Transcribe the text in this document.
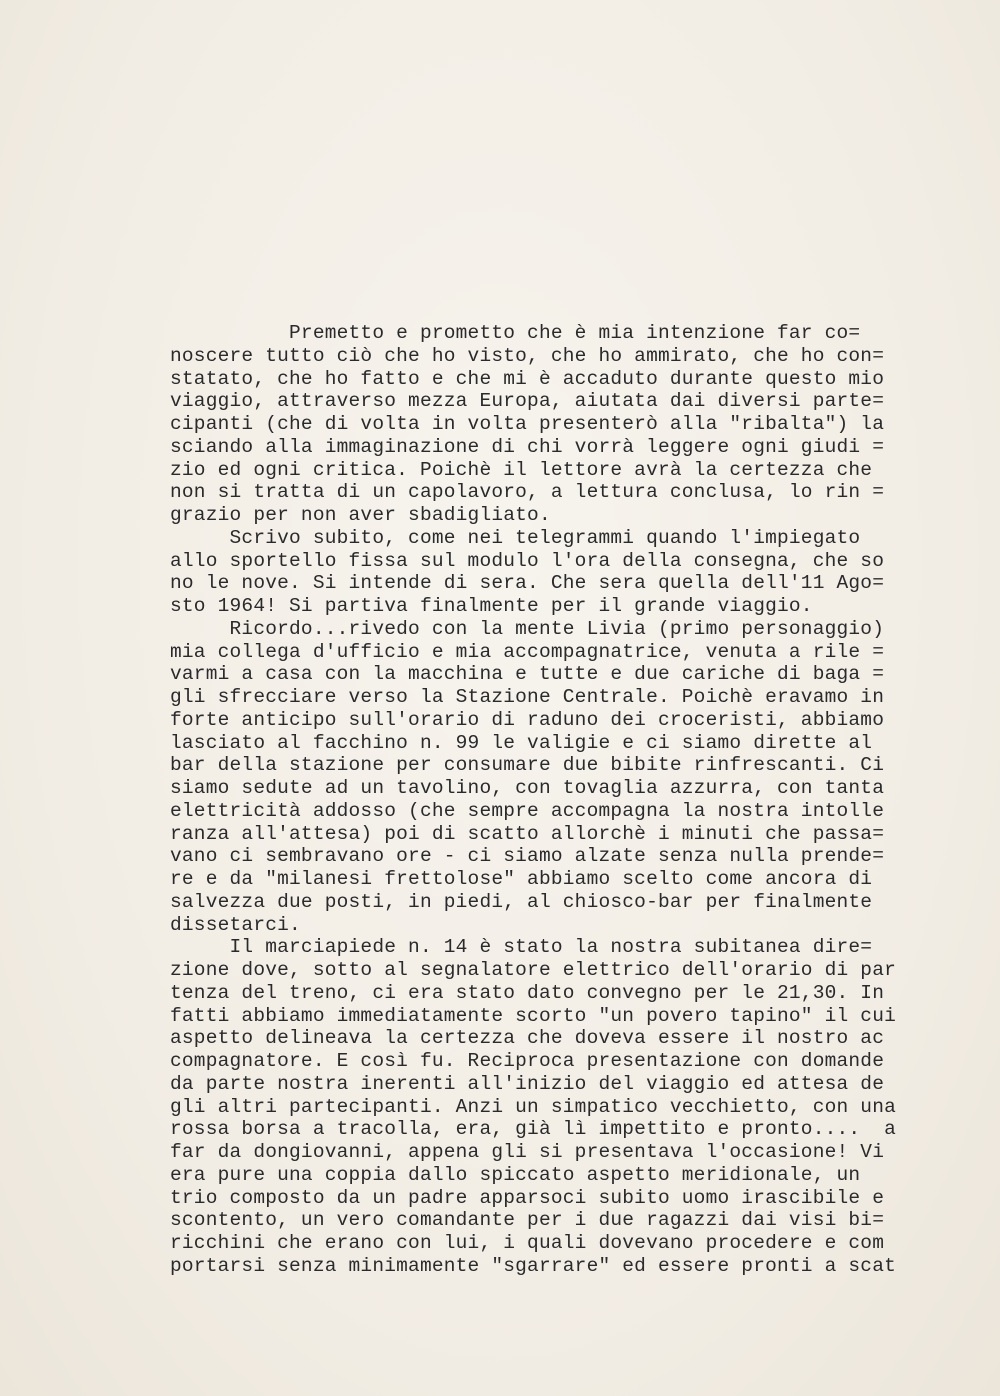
Premetto e prometto che è mia intenzione far co=
noscere tutto ciò che ho visto, che ho ammirato, che ho con=
statato, che ho fatto e che mi è accaduto durante questo mio
viaggio, attraverso mezza Europa, aiutata dai diversi parte=
cipanti (che di volta in volta presenterò alla "ribalta") la
sciando alla immaginazione di chi vorrà leggere ogni giudi =
zio ed ogni critica. Poichè il lettore avrà la certezza che
non si tratta di un capolavoro, a lettura conclusa, lo rin =
grazio per non aver sbadigliato.
Scrivo subito, come nei telegrammi quando l'impiegato
allo sportello fissa sul modulo l'ora della consegna, che so
no le nove. Si intende di sera. Che sera quella dell'11 Ago=
sto 1964! Si partiva finalmente per il grande viaggio.
Ricordo...rivedo con la mente Livia (primo personaggio)
mia collega d'ufficio e mia accompagnatrice, venuta a rile =
varmi a casa con la macchina e tutte e due cariche di baga =
gli sfrecciare verso la Stazione Centrale. Poichè eravamo in
forte anticipo sull'orario di raduno dei croceristi, abbiamo
lasciato al facchino n. 99 le valigie e ci siamo dirette al
bar della stazione per consumare due bibite rinfrescanti. Ci
siamo sedute ad un tavolino, con tovaglia azzurra, con tanta
elettricità addosso (che sempre accompagna la nostra intolle
ranza all'attesa) poi di scatto allorchè i minuti che passa=
vano ci sembravano ore - ci siamo alzate senza nulla prende=
re e da "milanesi frettolose" abbiamo scelto come ancora di
salvezza due posti, in piedi, al chiosco-bar per finalmente
dissetarci.
Il marciapiede n. 14 è stato la nostra subitanea dire=
zione dove, sotto al segnalatore elettrico dell'orario di par
tenza del treno, ci era stato dato convegno per le 21,30. In
fatti abbiamo immediatamente scorto "un povero tapino" il cui
aspetto delineava la certezza che doveva essere il nostro ac
compagnatore. E così fu. Reciproca presentazione con domande
da parte nostra inerenti all'inizio del viaggio ed attesa de
gli altri partecipanti. Anzi un simpatico vecchietto, con una
rossa borsa a tracolla, era, già lì impettito e pronto....  a
far da dongiovanni, appena gli si presentava l'occasione! Vi
era pure una coppia dallo spiccato aspetto meridionale, un
trio composto da un padre apparsoci subito uomo irascibile e
scontento, un vero comandante per i due ragazzi dai visi bi=
ricchini che erano con lui, i quali dovevano procedere e com
portarsi senza minimamente "sgarrare" ed essere pronti a scat
